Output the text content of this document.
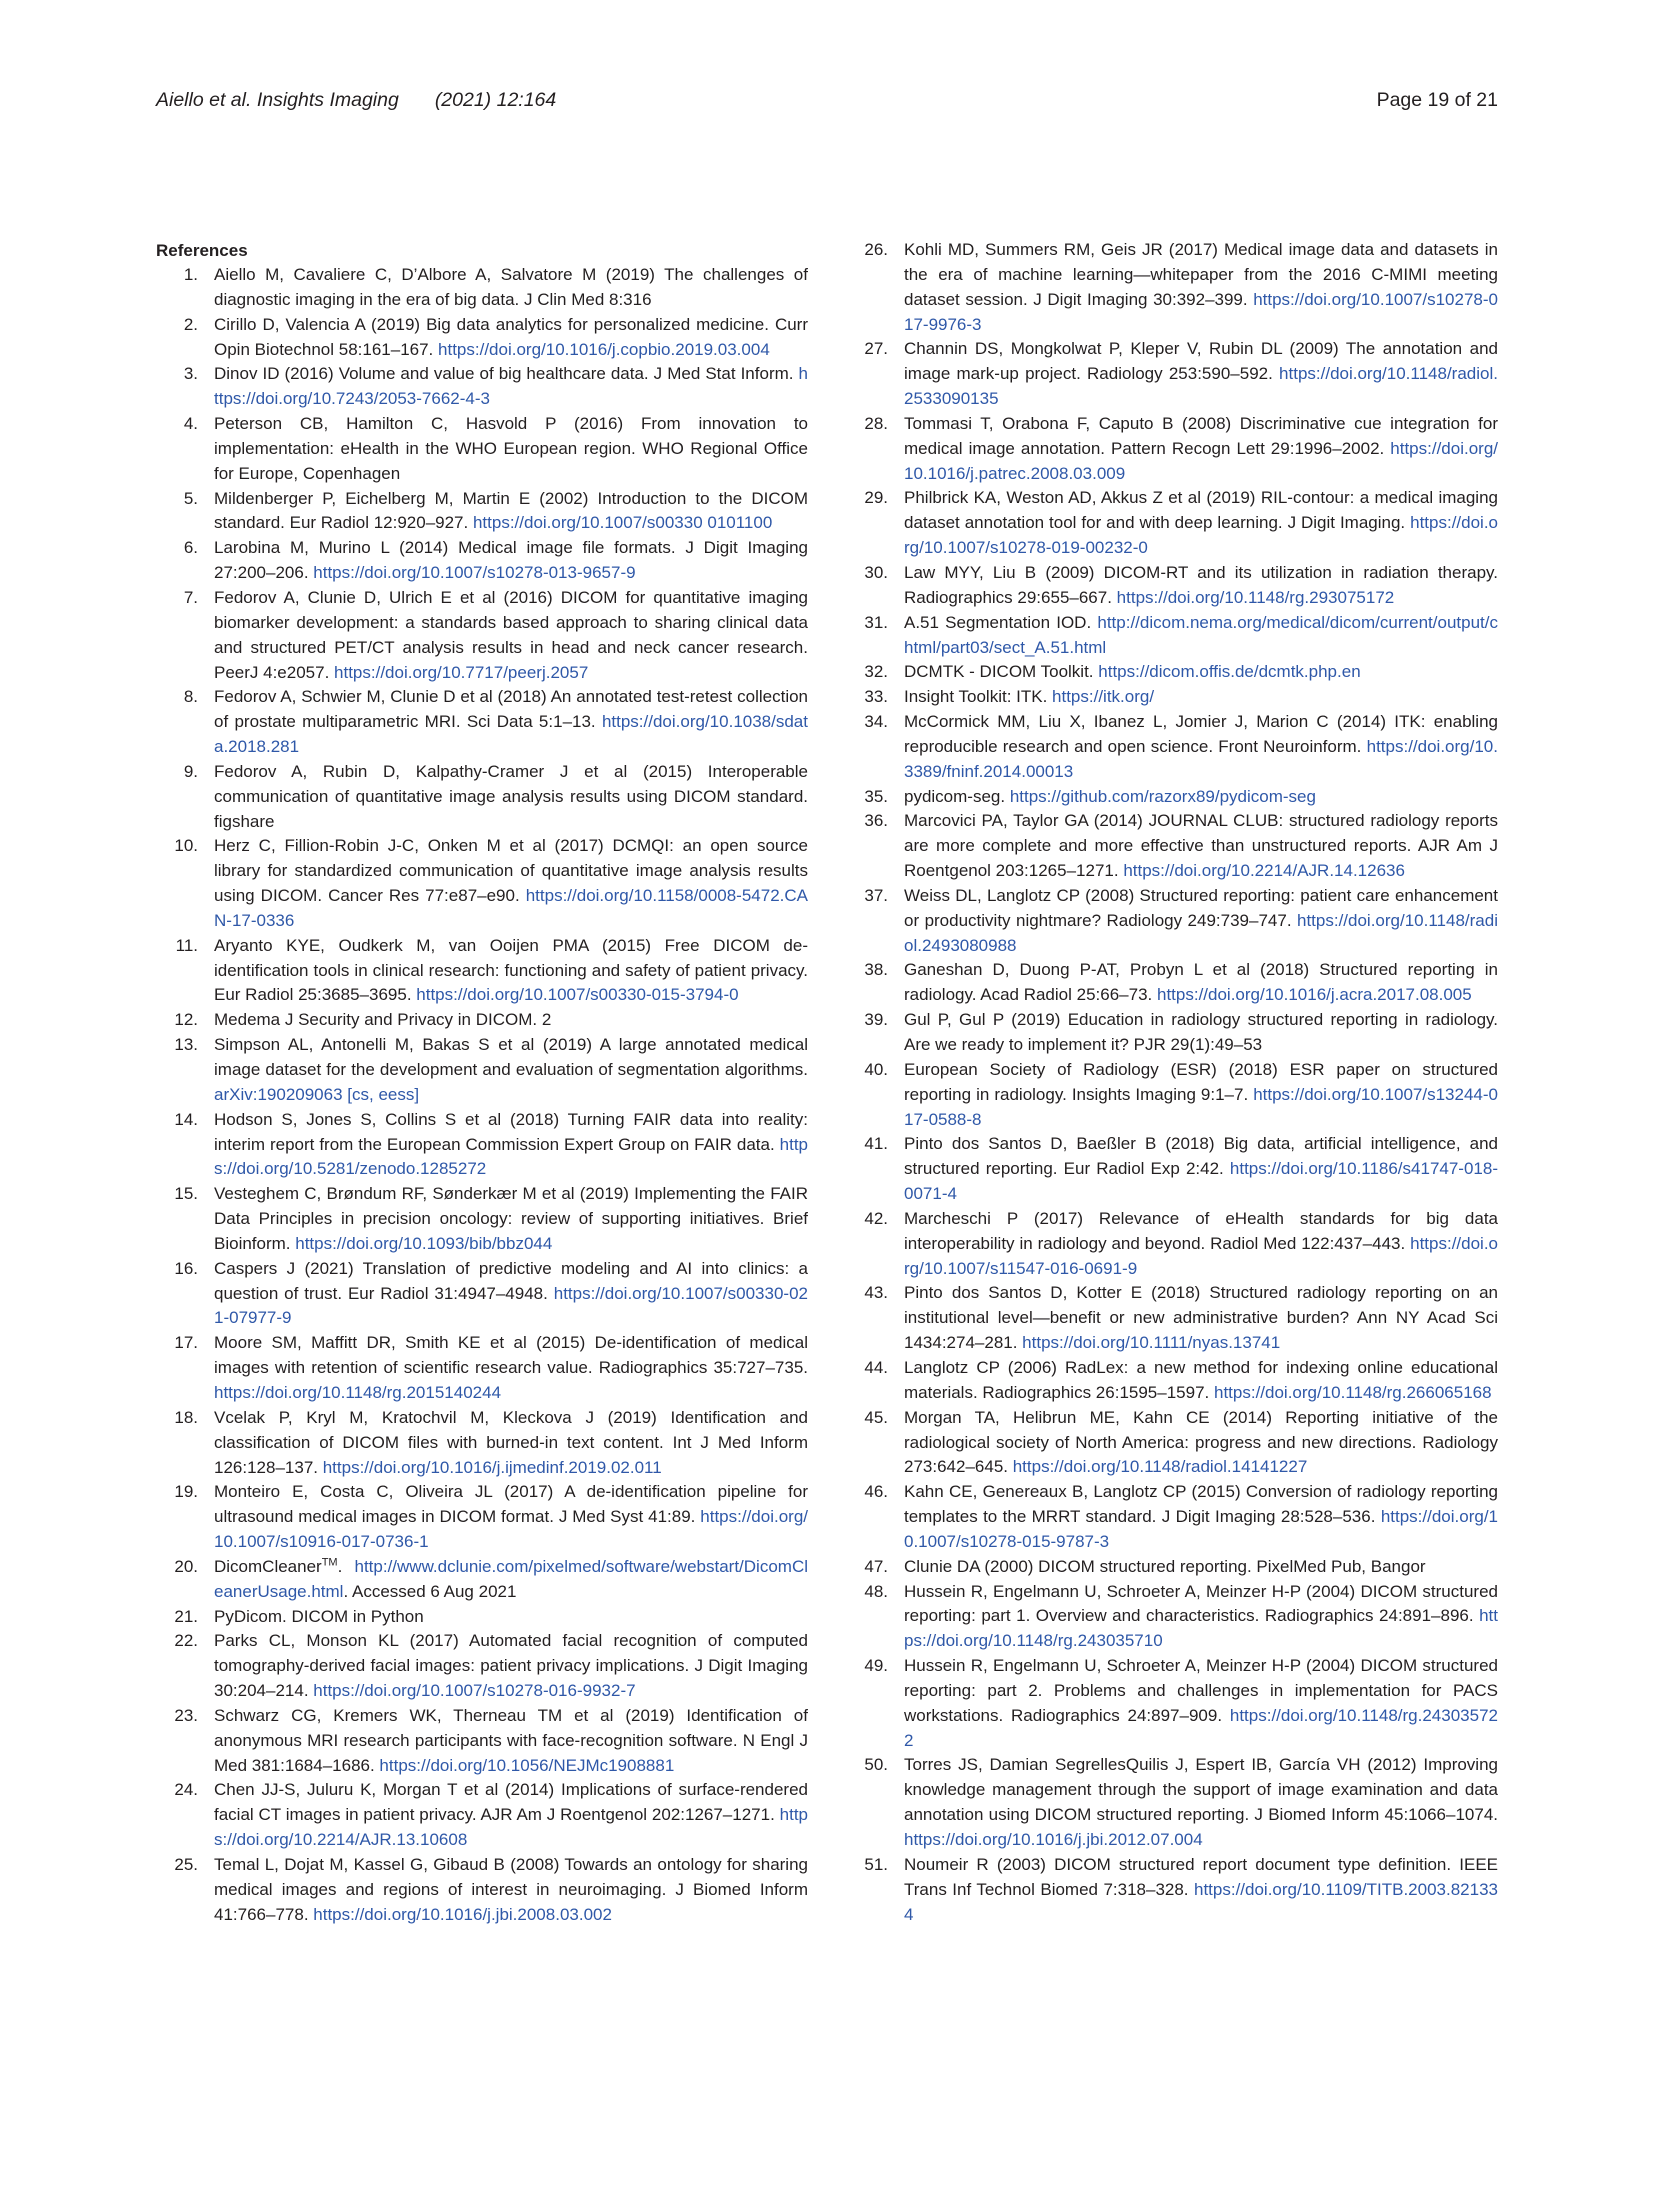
Aiello et al. Insights Imaging (2021) 12:164	Page 19 of 21
References
1. Aiello M, Cavaliere C, D’Albore A, Salvatore M (2019) The challenges of diagnostic imaging in the era of big data. J Clin Med 8:316
2. Cirillo D, Valencia A (2019) Big data analytics for personalized medicine. Curr Opin Biotechnol 58:161–167. https://doi.org/10.1016/j.copbio.2019.03.004
3. Dinov ID (2016) Volume and value of big healthcare data. J Med Stat Inform. https://doi.org/10.7243/2053-7662-4-3
4. Peterson CB, Hamilton C, Hasvold P (2016) From innovation to implementation: eHealth in the WHO European region. WHO Regional Office for Europe, Copenhagen
5. Mildenberger P, Eichelberg M, Martin E (2002) Introduction to the DICOM standard. Eur Radiol 12:920–927. https://doi.org/10.1007/s00330 0101100
6. Larobina M, Murino L (2014) Medical image file formats. J Digit Imaging 27:200–206. https://doi.org/10.1007/s10278-013-9657-9
7. Fedorov A, Clunie D, Ulrich E et al (2016) DICOM for quantitative imaging biomarker development: a standards based approach to sharing clinical data and structured PET/CT analysis results in head and neck cancer research. PeerJ 4:e2057. https://doi.org/10.7717/peerj.2057
8. Fedorov A, Schwier M, Clunie D et al (2018) An annotated test-retest collection of prostate multiparametric MRI. Sci Data 5:1–13. https://doi.org/10.1038/sdata.2018.281
9. Fedorov A, Rubin D, Kalpathy-Cramer J et al (2015) Interoperable communication of quantitative image analysis results using DICOM standard. figshare
10. Herz C, Fillion-Robin J-C, Onken M et al (2017) DCMQI: an open source library for standardized communication of quantitative image analysis results using DICOM. Cancer Res 77:e87–e90. https://doi.org/10.1158/0008-5472.CAN-17-0336
11. Aryanto KYE, Oudkerk M, van Ooijen PMA (2015) Free DICOM de-identification tools in clinical research: functioning and safety of patient privacy. Eur Radiol 25:3685–3695. https://doi.org/10.1007/s00330-015-3794-0
12. Medema J Security and Privacy in DICOM. 2
13. Simpson AL, Antonelli M, Bakas S et al (2019) A large annotated medical image dataset for the development and evaluation of segmentation algorithms. arXiv:190209063 [cs, eess]
14. Hodson S, Jones S, Collins S et al (2018) Turning FAIR data into reality: interim report from the European Commission Expert Group on FAIR data. https://doi.org/10.5281/zenodo.1285272
15. Vesteghem C, Brøndum RF, Sønderkær M et al (2019) Implementing the FAIR Data Principles in precision oncology: review of supporting initiatives. Brief Bioinform. https://doi.org/10.1093/bib/bbz044
16. Caspers J (2021) Translation of predictive modeling and AI into clinics: a question of trust. Eur Radiol 31:4947–4948. https://doi.org/10.1007/s00330-021-07977-9
17. Moore SM, Maffitt DR, Smith KE et al (2015) De-identification of medical images with retention of scientific research value. Radiographics 35:727–735. https://doi.org/10.1148/rg.2015140244
18. Vcelak P, Kryl M, Kratochvil M, Kleckova J (2019) Identification and classification of DICOM files with burned-in text content. Int J Med Inform 126:128–137. https://doi.org/10.1016/j.ijmedinf.2019.02.011
19. Monteiro E, Costa C, Oliveira JL (2017) A de-identification pipeline for ultrasound medical images in DICOM format. J Med Syst 41:89. https://doi.org/10.1007/s10916-017-0736-1
20. DicomCleaner™. http://www.dclunie.com/pixelmed/software/webstart/DicomCleanerUsage.html. Accessed 6 Aug 2021
21. PyDicom. DICOM in Python
22. Parks CL, Monson KL (2017) Automated facial recognition of computed tomography-derived facial images: patient privacy implications. J Digit Imaging 30:204–214. https://doi.org/10.1007/s10278-016-9932-7
23. Schwarz CG, Kremers WK, Therneau TM et al (2019) Identification of anonymous MRI research participants with face-recognition software. N Engl J Med 381:1684–1686. https://doi.org/10.1056/NEJMc1908881
24. Chen JJ-S, Juluru K, Morgan T et al (2014) Implications of surface-rendered facial CT images in patient privacy. AJR Am J Roentgenol 202:1267–1271. https://doi.org/10.2214/AJR.13.10608
25. Temal L, Dojat M, Kassel G, Gibaud B (2008) Towards an ontology for sharing medical images and regions of interest in neuroimaging. J Biomed Inform 41:766–778. https://doi.org/10.1016/j.jbi.2008.03.002
26. Kohli MD, Summers RM, Geis JR (2017) Medical image data and datasets in the era of machine learning—whitepaper from the 2016 C-MIMI meeting dataset session. J Digit Imaging 30:392–399. https://doi.org/10.1007/s10278-017-9976-3
27. Channin DS, Mongkolwat P, Kleper V, Rubin DL (2009) The annotation and image mark-up project. Radiology 253:590–592. https://doi.org/10.1148/radiol.2533090135
28. Tommasi T, Orabona F, Caputo B (2008) Discriminative cue integration for medical image annotation. Pattern Recogn Lett 29:1996–2002. https://doi.org/10.1016/j.patrec.2008.03.009
29. Philbrick KA, Weston AD, Akkus Z et al (2019) RIL-contour: a medical imaging dataset annotation tool for and with deep learning. J Digit Imaging. https://doi.org/10.1007/s10278-019-00232-0
30. Law MYY, Liu B (2009) DICOM-RT and its utilization in radiation therapy. Radiographics 29:655–667. https://doi.org/10.1148/rg.293075172
31. A.51 Segmentation IOD. http://dicom.nema.org/medical/dicom/current/output/chtml/part03/sect_A.51.html
32. DCMTK - DICOM Toolkit. https://dicom.offis.de/dcmtk.php.en
33. Insight Toolkit: ITK. https://itk.org/
34. McCormick MM, Liu X, Ibanez L, Jomier J, Marion C (2014) ITK: enabling reproducible research and open science. Front Neuroinform. https://doi.org/10.3389/fninf.2014.00013
35. pydicom-seg. https://github.com/razorx89/pydicom-seg
36. Marcovici PA, Taylor GA (2014) JOURNAL CLUB: structured radiology reports are more complete and more effective than unstructured reports. AJR Am J Roentgenol 203:1265–1271. https://doi.org/10.2214/AJR.14.12636
37. Weiss DL, Langlotz CP (2008) Structured reporting: patient care enhancement or productivity nightmare? Radiology 249:739–747. https://doi.org/10.1148/radiol.2493080988
38. Ganeshan D, Duong P-AT, Probyn L et al (2018) Structured reporting in radiology. Acad Radiol 25:66–73. https://doi.org/10.1016/j.acra.2017.08.005
39. Gul P, Gul P (2019) Education in radiology structured reporting in radiology. Are we ready to implement it? PJR 29(1):49–53
40. European Society of Radiology (ESR) (2018) ESR paper on structured reporting in radiology. Insights Imaging 9:1–7. https://doi.org/10.1007/s13244-017-0588-8
41. Pinto dos Santos D, Baeßler B (2018) Big data, artificial intelligence, and structured reporting. Eur Radiol Exp 2:42. https://doi.org/10.1186/s41747-018-0071-4
42. Marcheschi P (2017) Relevance of eHealth standards for big data interoperability in radiology and beyond. Radiol Med 122:437–443. https://doi.org/10.1007/s11547-016-0691-9
43. Pinto dos Santos D, Kotter E (2018) Structured radiology reporting on an institutional level—benefit or new administrative burden? Ann NY Acad Sci 1434:274–281. https://doi.org/10.1111/nyas.13741
44. Langlotz CP (2006) RadLex: a new method for indexing online educational materials. Radiographics 26:1595–1597. https://doi.org/10.1148/rg.266065168
45. Morgan TA, Helibrun ME, Kahn CE (2014) Reporting initiative of the radiological society of North America: progress and new directions. Radiology 273:642–645. https://doi.org/10.1148/radiol.14141227
46. Kahn CE, Genereaux B, Langlotz CP (2015) Conversion of radiology reporting templates to the MRRT standard. J Digit Imaging 28:528–536. https://doi.org/10.1007/s10278-015-9787-3
47. Clunie DA (2000) DICOM structured reporting. PixelMed Pub, Bangor
48. Hussein R, Engelmann U, Schroeter A, Meinzer H-P (2004) DICOM structured reporting: part 1. Overview and characteristics. Radiographics 24:891–896. https://doi.org/10.1148/rg.243035710
49. Hussein R, Engelmann U, Schroeter A, Meinzer H-P (2004) DICOM structured reporting: part 2. Problems and challenges in implementation for PACS workstations. Radiographics 24:897–909. https://doi.org/10.1148/rg.243035722
50. Torres JS, Damian SegrellesQuilis J, Espert IB, García VH (2012) Improving knowledge management through the support of image examination and data annotation using DICOM structured reporting. J Biomed Inform 45:1066–1074. https://doi.org/10.1016/j.jbi.2012.07.004
51. Noumeir R (2003) DICOM structured report document type definition. IEEE Trans Inf Technol Biomed 7:318–328. https://doi.org/10.1109/TITB.2003.821334
